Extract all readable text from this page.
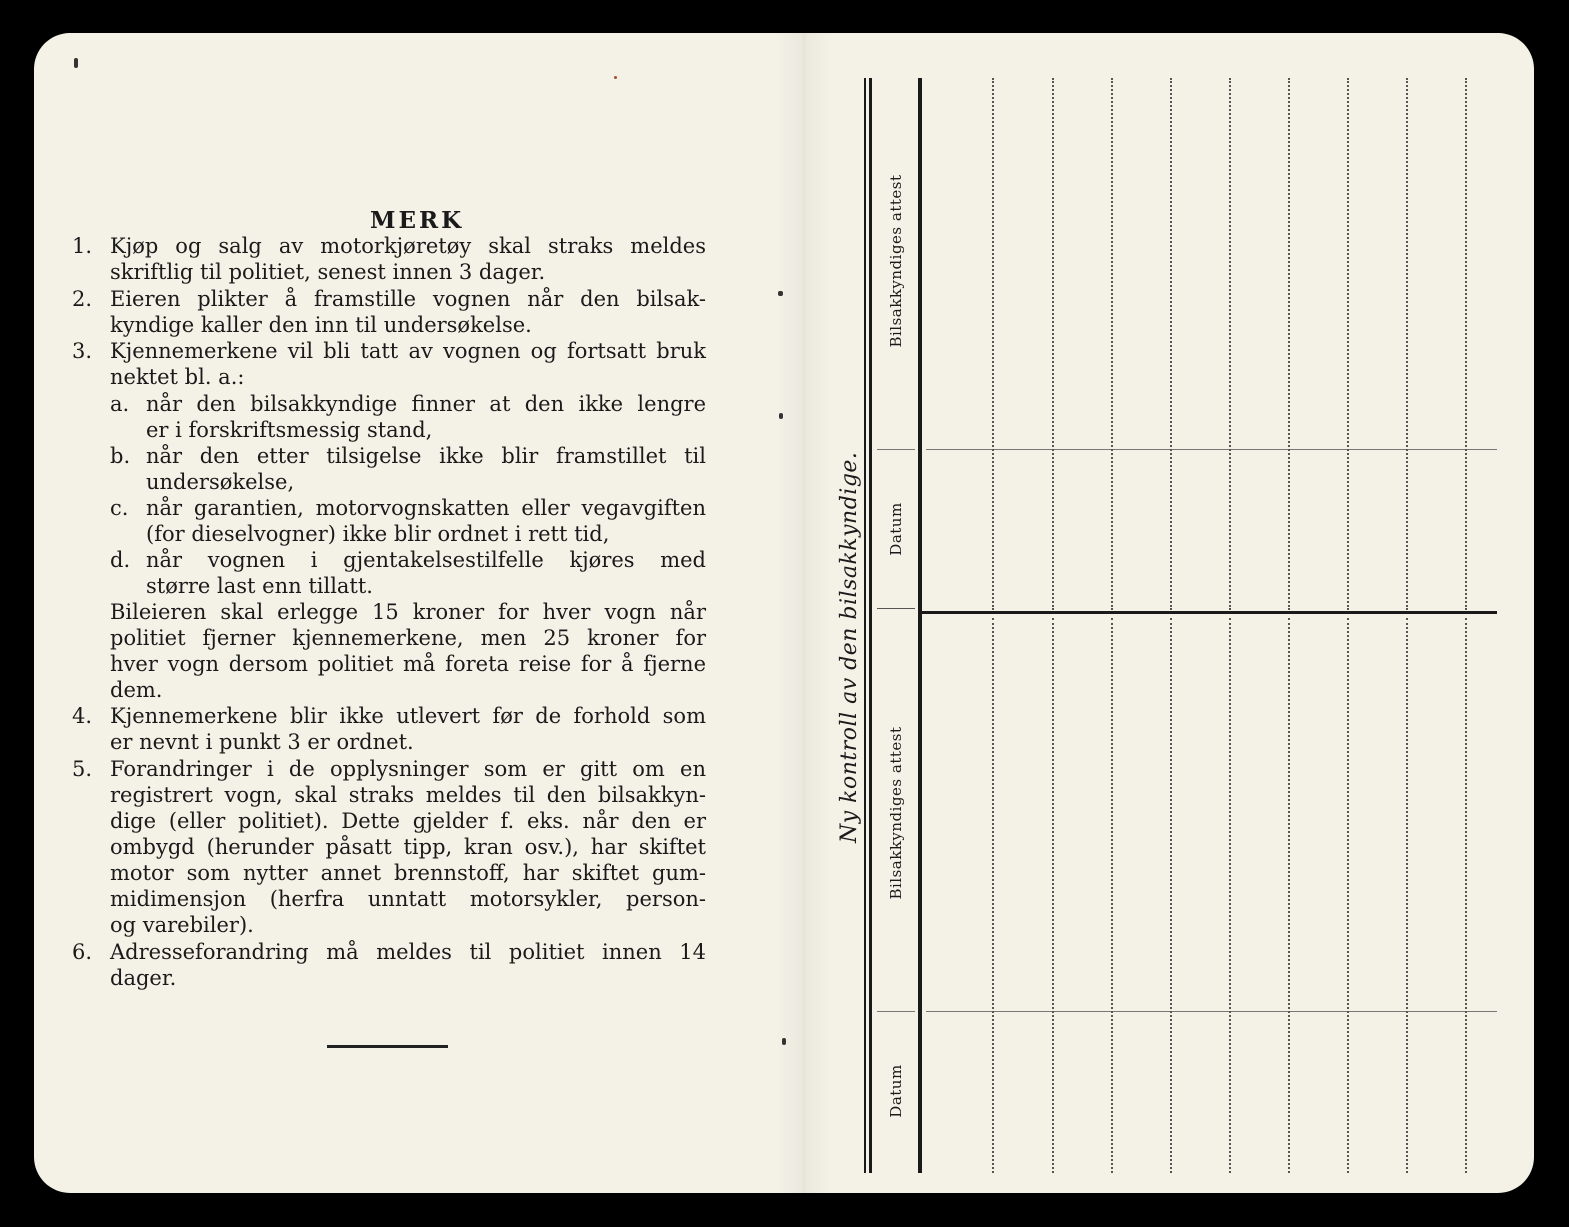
MERK
1.
2.
3.
4.
5.
6.
a.
b.
c.
d.
Kjøp og salg av motorkjøretøy skal straks meldes
skriftlig til politiet, senest innen 3 dager.
Eieren plikter å framstille vognen når den bilsak-
kyndige kaller den inn til undersøkelse.
Kjennemerkene vil bli tatt av vognen og fortsatt bruk
nektet bl. a.:
når den bilsakkyndige finner at den ikke lengre
er i forskriftsmessig stand,
når den etter tilsigelse ikke blir framstillet til
undersøkelse,
når garantien, motorvognskatten eller vegavgiften
(for dieselvogner) ikke blir ordnet i rett tid,
når vognen i gjentakelsestilfelle kjøres med
større last enn tillatt.
Bileieren skal erlegge 15 kroner for hver vogn når
politiet fjerner kjennemerkene, men 25 kroner for
hver vogn dersom politiet må foreta reise for å fjerne
dem.
Kjennemerkene blir ikke utlevert før de forhold som
er nevnt i punkt 3 er ordnet.
Forandringer i de opplysninger som er gitt om en
registrert vogn, skal straks meldes til den bilsakkyn-
dige (eller politiet). Dette gjelder f. eks. når den er
ombygd (herunder påsatt tipp, kran osv.), har skiftet
motor som nytter annet brennstoff, har skiftet gum-
midimensjon (herfra unntatt motorsykler, person-
og varebiler).
Adresseforandring må meldes til politiet innen 14
dager.
Ny kontroll av den bilsakkyndige.
Bilsakkyndiges attest
Datum
Bilsakkyndiges attest
Datum
